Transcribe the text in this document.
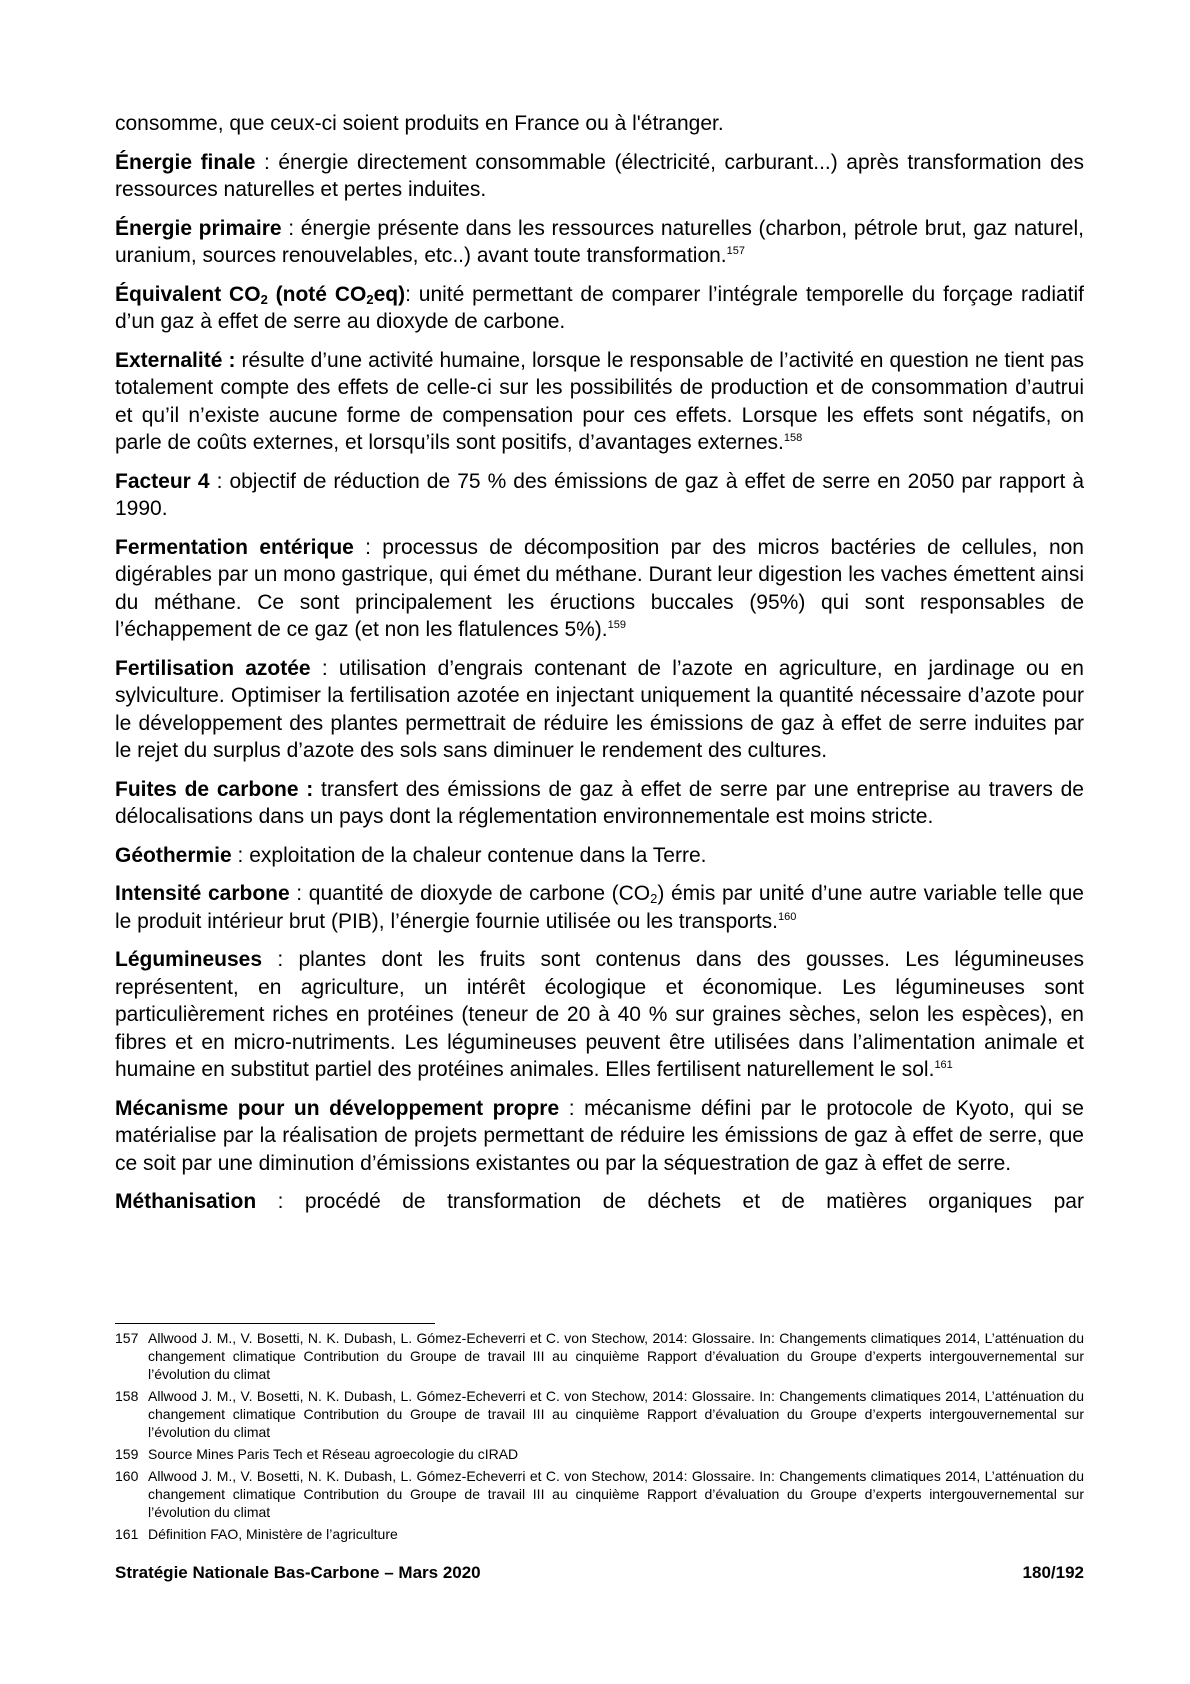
consomme, que ceux-ci soient produits en France ou à l'étranger.

Énergie finale : énergie directement consommable (électricité, carburant...) après transformation des ressources naturelles et pertes induites.

Énergie primaire : énergie présente dans les ressources naturelles (charbon, pétrole brut, gaz naturel, uranium, sources renouvelables, etc..) avant toute transformation.$^{157}$

Équivalent $CO_2$ (noté $CO_2eq$): unité permettant de comparer l’intégrale temporelle du forçage radiatif d’un gaz à effet de serre au dioxyde de carbone.

Externalité : résulte d’une activité humaine, lorsque le responsable de l’activité en question ne tient pas totalement compte des effets de celle-ci sur les possibilités de production et de consommation d’autrui et qu’il n’existe aucune forme de compensation pour ces effets. Lorsque les effets sont négatifs, on parle de coûts externes, et lorsqu’ils sont positifs, d’avantages externes.$^{158}$

Facteur 4 : objectif de réduction de 75 % des émissions de gaz à effet de serre en 2050 par rapport à 1990.

Fermentation entérique : processus de décomposition par des micros bactéries de cellules, non digérables par un mono gastrique, qui émet du méthane. Durant leur digestion les vaches émettent ainsi du méthane. Ce sont principalement les éructions buccales (95%) qui sont responsables de l’échappement de ce gaz (et non les flatulences 5%).$^{159}$

Fertilisation azotée : utilisation d’engrais contenant de l’azote en agriculture, en jardinage ou en sylviculture. Optimiser la fertilisation azotée en injectant uniquement la quantité nécessaire d’azote pour le développement des plantes permettrait de réduire les émissions de gaz à effet de serre induites par le rejet du surplus d’azote des sols sans diminuer le rendement des cultures.

Fuites de carbone : transfert des émissions de gaz à effet de serre par une entreprise au travers de délocalisations dans un pays dont la réglementation environnementale est moins stricte.

Géothermie : exploitation de la chaleur contenue dans la Terre.

Intensité carbone : quantité de dioxyde de carbone $(CO_2)$ émis par unité d’une autre variable telle que le produit intérieur brut (PIB), l’énergie fournie utilisée ou les transports.$^{160}$

Légumineuses : plantes dont les fruits sont contenus dans des gousses. Les légumineuses représentent, en agriculture, un intérêt écologique et économique. Les légumineuses sont particulièrement riches en protéines (teneur de 20 à 40 % sur graines sèches, selon les espèces), en fibres et en micro-nutriments. Les légumineuses peuvent être utilisées dans l’alimentation animale et humaine en substitut partiel des protéines animales. Elles fertilisent naturellement le sol.$^{161}$

Mécanisme pour un développement propre : mécanisme défini par le protocole de Kyoto, qui se matérialise par la réalisation de projets permettant de réduire les émissions de gaz à effet de serre, que ce soit par une diminution d’émissions existantes ou par la séquestration de gaz à effet de serre.

Méthanisation : procédé de transformation de déchets et de matières organiques par

157 Allwood J. M., V. Bosetti, N. K. Dubash, L. Gómez-Echeverri et C. von Stechow, 2014: Glossaire. In: Changements climatiques 2014, L’atténuation du changement climatique Contribution du Groupe de travail III au cinquième Rapport d’évaluation du Groupe d’experts intergouvernemental sur l’évolution du climat
158 Allwood J. M., V. Bosetti, N. K. Dubash, L. Gómez-Echeverri et C. von Stechow, 2014: Glossaire. In: Changements climatiques 2014, L’atténuation du changement climatique Contribution du Groupe de travail III au cinquième Rapport d’évaluation du Groupe d’experts intergouvernemental sur l’évolution du climat
159 Source Mines Paris Tech et Réseau agroecologie du cIRAD
160 Allwood J. M., V. Bosetti, N. K. Dubash, L. Gómez-Echeverri et C. von Stechow, 2014: Glossaire. In: Changements climatiques 2014, L’atténuation du changement climatique Contribution du Groupe de travail III au cinquième Rapport d’évaluation du Groupe d’experts intergouvernemental sur l’évolution du climat
161 Définition FAO, Ministère de l’agriculture
Stratégie Nationale Bas-Carbone – Mars 2020	180/192
